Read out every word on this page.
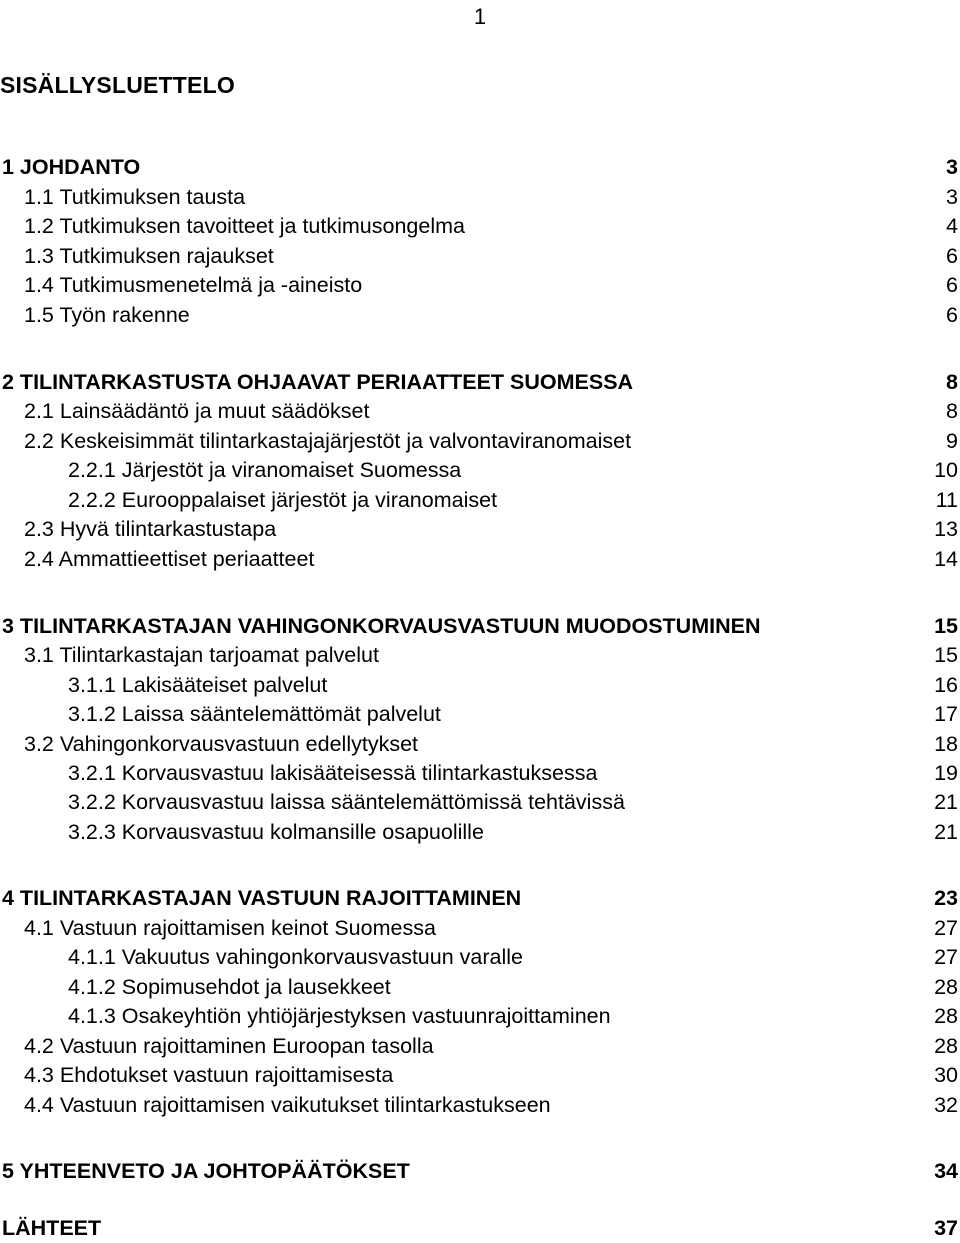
1
SISÄLLYSLUETTELO
1 JOHDANTO	3
1.1 Tutkimuksen tausta	3
1.2 Tutkimuksen tavoitteet ja tutkimusongelma	4
1.3 Tutkimuksen rajaukset	6
1.4 Tutkimusmenetelmä ja -aineisto	6
1.5 Työn rakenne	6
2 TILINTARKASTUSTA OHJAAVAT PERIAATTEET SUOMESSA	8
2.1 Lainsäädäntö ja muut säädökset	8
2.2 Keskeisimmät tilintarkastajajärjestöt ja valvontaviranomaiset	9
2.2.1 Järjestöt ja viranomaiset Suomessa	10
2.2.2 Eurooppalaiset järjestöt ja viranomaiset	11
2.3 Hyvä tilintarkastustapa	13
2.4 Ammattieettiset periaatteet	14
3 TILINTARKASTAJAN VAHINGONKORVAUSVASTUUN MUODOSTUMINEN	15
3.1 Tilintarkastajan tarjoamat palvelut	15
3.1.1 Lakisääteiset palvelut	16
3.1.2 Laissa sääntelemättömät palvelut	17
3.2 Vahingonkorvausvastuun edellytykset	18
3.2.1 Korvausvastuu lakisääteisessä tilintarkastuksessa	19
3.2.2 Korvausvastuu laissa sääntelemättömissä tehtävissä	21
3.2.3 Korvausvastuu kolmansille osapuolille	21
4 TILINTARKASTAJAN VASTUUN RAJOITTAMINEN	23
4.1 Vastuun rajoittamisen keinot Suomessa	27
4.1.1 Vakuutus vahingonkorvausvastuun varalle	27
4.1.2 Sopimusehdot ja lausekkeet	28
4.1.3 Osakeyhtiön yhtiöjärjestyksen vastuunrajoittaminen	28
4.2 Vastuun rajoittaminen Euroopan tasolla	28
4.3 Ehdotukset vastuun rajoittamisesta	30
4.4 Vastuun rajoittamisen vaikutukset tilintarkastukseen	32
5 YHTEENVETO JA JOHTOPÄÄTÖKSET	34
LÄHTEET	37
